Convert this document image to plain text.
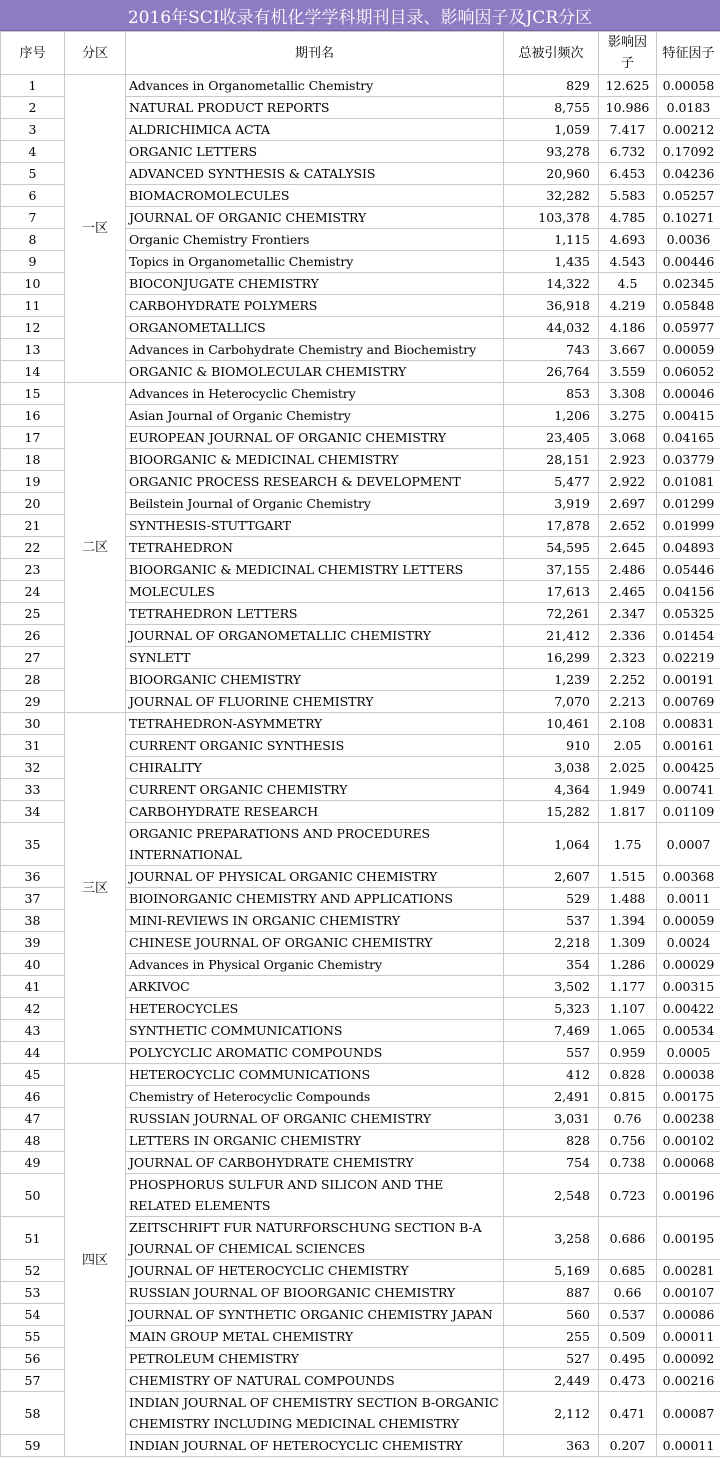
2016年SCI收录有机化学学科期刊目录、影响因子及JCR分区
序号	分区	期刊名	总被引频次	影响因子	特征因子
1	一区	Advances in Organometallic Chemistry	829	12.625	0.00058
2		NATURAL PRODUCT REPORTS	8,755	10.986	0.0183
3		ALDRICHIMICA ACTA	1,059	7.417	0.00212
4		ORGANIC LETTERS	93,278	6.732	0.17092
5		ADVANCED SYNTHESIS & CATALYSIS	20,960	6.453	0.04236
6		BIOMACROMOLECULES	32,282	5.583	0.05257
7		JOURNAL OF ORGANIC CHEMISTRY	103,378	4.785	0.10271
8		Organic Chemistry Frontiers	1,115	4.693	0.0036
9		Topics in Organometallic Chemistry	1,435	4.543	0.00446
10		BIOCONJUGATE CHEMISTRY	14,322	4.5	0.02345
11		CARBOHYDRATE POLYMERS	36,918	4.219	0.05848
12		ORGANOMETALLICS	44,032	4.186	0.05977
13		Advances in Carbohydrate Chemistry and Biochemistry	743	3.667	0.00059
14		ORGANIC & BIOMOLECULAR CHEMISTRY	26,764	3.559	0.06052
15	二区	Advances in Heterocyclic Chemistry	853	3.308	0.00046
16		Asian Journal of Organic Chemistry	1,206	3.275	0.00415
17		EUROPEAN JOURNAL OF ORGANIC CHEMISTRY	23,405	3.068	0.04165
18		BIOORGANIC & MEDICINAL CHEMISTRY	28,151	2.923	0.03779
19		ORGANIC PROCESS RESEARCH & DEVELOPMENT	5,477	2.922	0.01081
20		Beilstein Journal of Organic Chemistry	3,919	2.697	0.01299
21		SYNTHESIS-STUTTGART	17,878	2.652	0.01999
22		TETRAHEDRON	54,595	2.645	0.04893
23		BIOORGANIC & MEDICINAL CHEMISTRY LETTERS	37,155	2.486	0.05446
24		MOLECULES	17,613	2.465	0.04156
25		TETRAHEDRON LETTERS	72,261	2.347	0.05325
26		JOURNAL OF ORGANOMETALLIC CHEMISTRY	21,412	2.336	0.01454
27		SYNLETT	16,299	2.323	0.02219
28		BIOORGANIC CHEMISTRY	1,239	2.252	0.00191
29		JOURNAL OF FLUORINE CHEMISTRY	7,070	2.213	0.00769
30	三区	TETRAHEDRON-ASYMMETRY	10,461	2.108	0.00831
31		CURRENT ORGANIC SYNTHESIS	910	2.05	0.00161
32		CHIRALITY	3,038	2.025	0.00425
33		CURRENT ORGANIC CHEMISTRY	4,364	1.949	0.00741
34		CARBOHYDRATE RESEARCH	15,282	1.817	0.01109
35		ORGANIC PREPARATIONS AND PROCEDURES INTERNATIONAL	1,064	1.75	0.0007
36		JOURNAL OF PHYSICAL ORGANIC CHEMISTRY	2,607	1.515	0.00368
37		BIOINORGANIC CHEMISTRY AND APPLICATIONS	529	1.488	0.0011
38		MINI-REVIEWS IN ORGANIC CHEMISTRY	537	1.394	0.00059
39		CHINESE JOURNAL OF ORGANIC CHEMISTRY	2,218	1.309	0.0024
40		Advances in Physical Organic Chemistry	354	1.286	0.00029
41		ARKIVOC	3,502	1.177	0.00315
42		HETEROCYCLES	5,323	1.107	0.00422
43		SYNTHETIC COMMUNICATIONS	7,469	1.065	0.00534
44		POLYCYCLIC AROMATIC COMPOUNDS	557	0.959	0.0005
45	四区	HETEROCYCLIC COMMUNICATIONS	412	0.828	0.00038
46		Chemistry of Heterocyclic Compounds	2,491	0.815	0.00175
47		RUSSIAN JOURNAL OF ORGANIC CHEMISTRY	3,031	0.76	0.00238
48		LETTERS IN ORGANIC CHEMISTRY	828	0.756	0.00102
49		JOURNAL OF CARBOHYDRATE CHEMISTRY	754	0.738	0.00068
50		PHOSPHORUS SULFUR AND SILICON AND THE RELATED ELEMENTS	2,548	0.723	0.00196
51		ZEITSCHRIFT FUR NATURFORSCHUNG SECTION B-A JOURNAL OF CHEMICAL SCIENCES	3,258	0.686	0.00195
52		JOURNAL OF HETEROCYCLIC CHEMISTRY	5,169	0.685	0.00281
53		RUSSIAN JOURNAL OF BIOORGANIC CHEMISTRY	887	0.66	0.00107
54		JOURNAL OF SYNTHETIC ORGANIC CHEMISTRY JAPAN	560	0.537	0.00086
55		MAIN GROUP METAL CHEMISTRY	255	0.509	0.00011
56		PETROLEUM CHEMISTRY	527	0.495	0.00092
57		CHEMISTRY OF NATURAL COMPOUNDS	2,449	0.473	0.00216
58		INDIAN JOURNAL OF CHEMISTRY SECTION B-ORGANIC CHEMISTRY INCLUDING MEDICINAL CHEMISTRY	2,112	0.471	0.00087
59		INDIAN JOURNAL OF HETEROCYCLIC CHEMISTRY	363	0.207	0.00011
